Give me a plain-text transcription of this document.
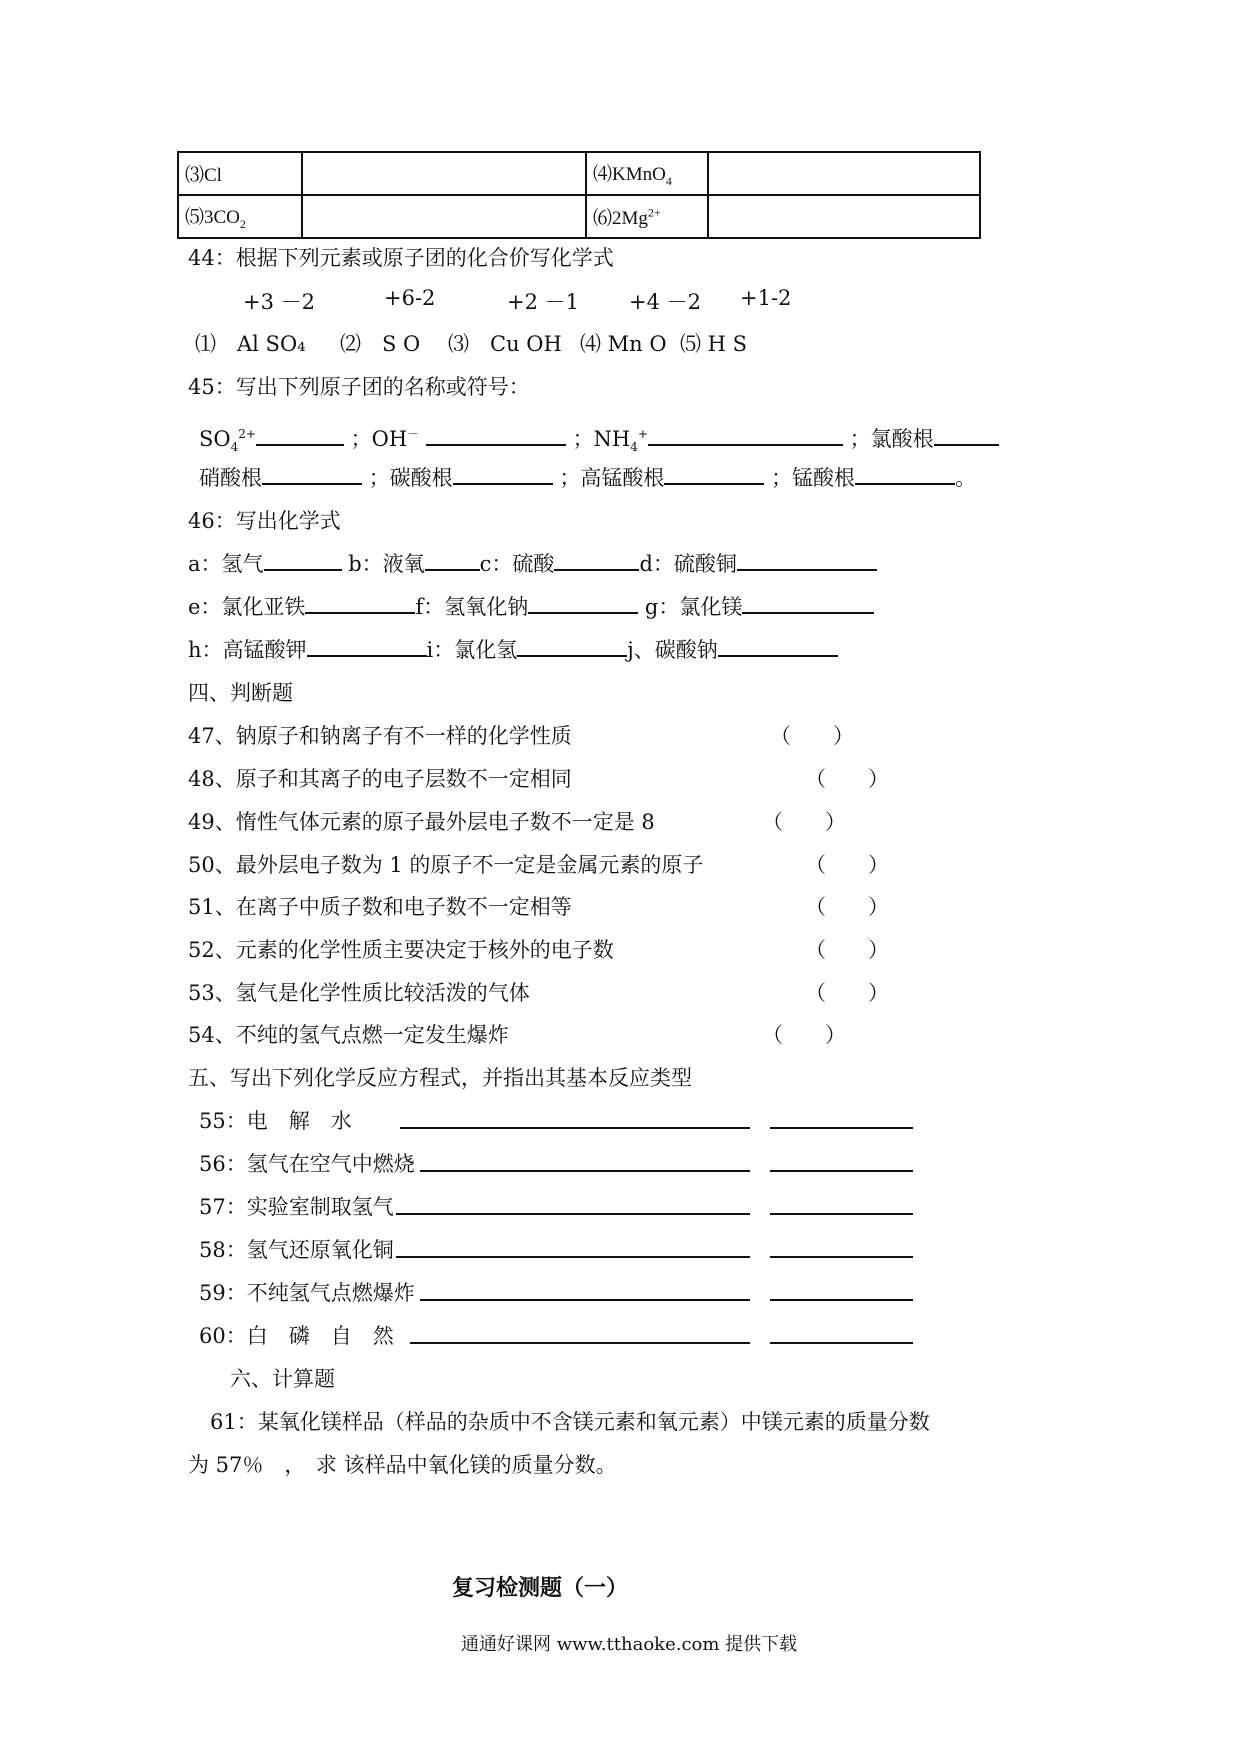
⑶Cl		⑷KMnO$_4$	
$⑸3CO_2$		$⑹2Mg^{2+}$	
44：根据下列元素或原子团的化合价写化学式
+3 －2	+6-2	+2 －1 +4 －2 +1-2
⑴　Al SO₄ ⑵　S O ⑶　Cu OH ⑷ Mn O ⑸ H S
45：写出下列原子团的名称或符号：
$SO_4^{2+}$	；OH－	；$NH_4^+$	；氯酸根
硝酸根	；碳酸根	；高锰酸根	；锰酸根	。
46：写出化学式
a：氢气	b：液氧	c：硫酸	d：硫酸铜
e：氯化亚铁	f：氢氧化钠	g：氯化镁
h：高锰酸钾	i：氯化氢	j、碳酸钠
四、判断题
47、钠原子和钠离子有不一样的化学性质	（　　）
48、原子和其离子的电子层数不一定相同	（　　）
49、惰性气体元素的原子最外层电子数不一定是 8	（　　）
50、最外层电子数为 1 的原子不一定是金属元素的原子	（　　）
51、在离子中质子数和电子数不一定相等	（　　）
52、元素的化学性质主要决定于核外的电子数	（　　）
53、氢气是化学性质比较活泼的气体	（　　）
54、不纯的氢气点燃一定发生爆炸	（　　）
五、写出下列化学反应方程式，并指出其基本反应类型
55：电　解　水
56：氢气在空气中燃烧
57：实验室制取氢气
58：氢气还原氧化铜
59：不纯氢气点燃爆炸
60：白　磷　自　然
六、计算题
61：某氧化镁样品（样品的杂质中不含镁元素和氧元素）中镁元素的质量分数
为 57％　，　求 该样品中氧化镁的质量分数。
复习检测题（一）
通通好课网 www.tthaoke.com 提供下载
